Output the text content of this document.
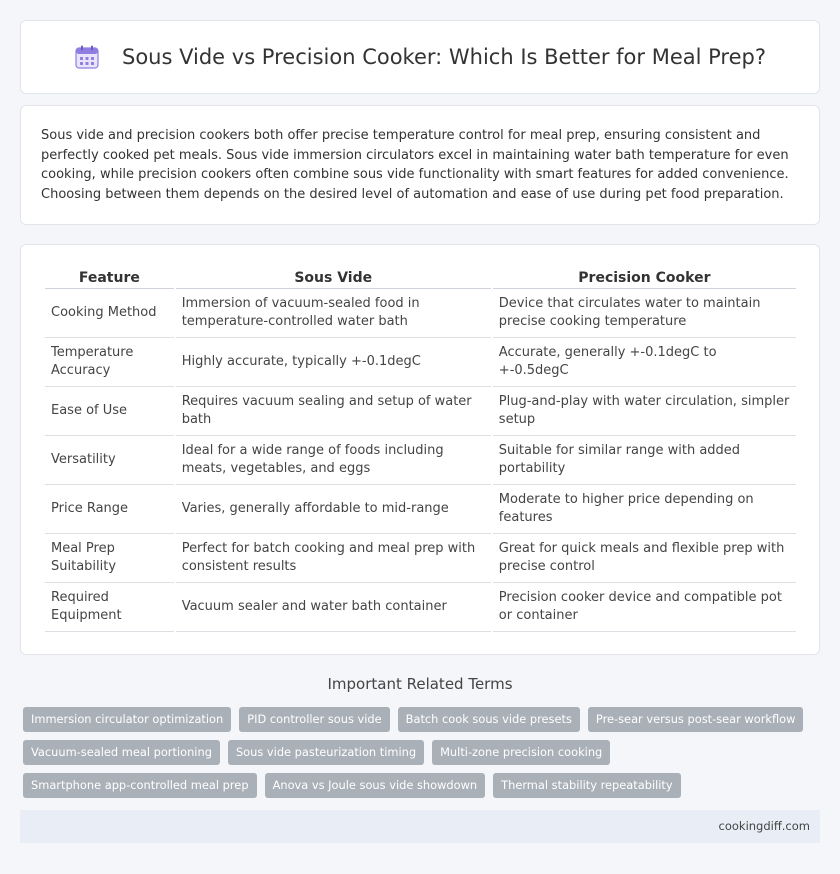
Sous Vide vs Precision Cooker: Which Is Better for Meal Prep?

Sous vide and precision cookers both offer precise temperature control for meal prep, ensuring consistent and perfectly cooked pet meals. Sous vide immersion circulators excel in maintaining water bath temperature for even cooking, while precision cookers often combine sous vide functionality with smart features for added convenience. Choosing between them depends on the desired level of automation and ease of use during pet food preparation.

Feature	Sous Vide	Precision Cooker
Cooking Method	Immersion of vacuum-sealed food in temperature-controlled water bath	Device that circulates water to maintain precise cooking temperature
Temperature Accuracy	Highly accurate, typically +-0.1degC	Accurate, generally +-0.1degC to +-0.5degC
Ease of Use	Requires vacuum sealing and setup of water bath	Plug-and-play with water circulation, simpler setup
Versatility	Ideal for a wide range of foods including meats, vegetables, and eggs	Suitable for similar range with added portability
Price Range	Varies, generally affordable to mid-range	Moderate to higher price depending on features
Meal Prep Suitability	Perfect for batch cooking and meal prep with consistent results	Great for quick meals and flexible prep with precise control
Required Equipment	Vacuum sealer and water bath container	Precision cooker device and compatible pot or container
Important Related Terms
Immersion circulator optimization	PID controller sous vide	Batch cook sous vide presets	Pre-sear versus post-sear workflow
Vacuum-sealed meal portioning	Sous vide pasteurization timing	Multi-zone precision cooking
Smartphone app-controlled meal prep	Anova vs Joule sous vide showdown	Thermal stability repeatability
cookingdiff.com
